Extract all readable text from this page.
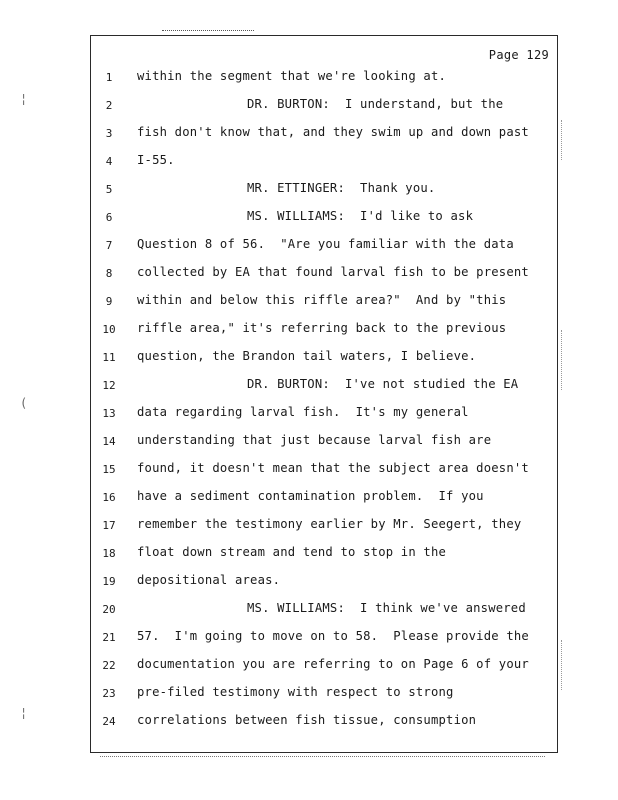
¦
(
¦
Page 129
1	within the segment that we're looking at.
2	DR. BURTON:  I understand, but the
3	fish don't know that, and they swim up and down past
4	I-55.
5	MR. ETTINGER:  Thank you.
6	MS. WILLIAMS:  I'd like to ask
7	Question 8 of 56.  "Are you familiar with the data
8	collected by EA that found larval fish to be present
9	within and below this riffle area?"  And by "this
10	riffle area," it's referring back to the previous
11	question, the Brandon tail waters, I believe.
12	DR. BURTON:  I've not studied the EA
13	data regarding larval fish.  It's my general
14	understanding that just because larval fish are
15	found, it doesn't mean that the subject area doesn't
16	have a sediment contamination problem.  If you
17	remember the testimony earlier by Mr. Seegert, they
18	float down stream and tend to stop in the
19	depositional areas.
20	MS. WILLIAMS:  I think we've answered
21	57.  I'm going to move on to 58.  Please provide the
22	documentation you are referring to on Page 6 of your
23	pre-filed testimony with respect to strong
24	correlations between fish tissue, consumption
